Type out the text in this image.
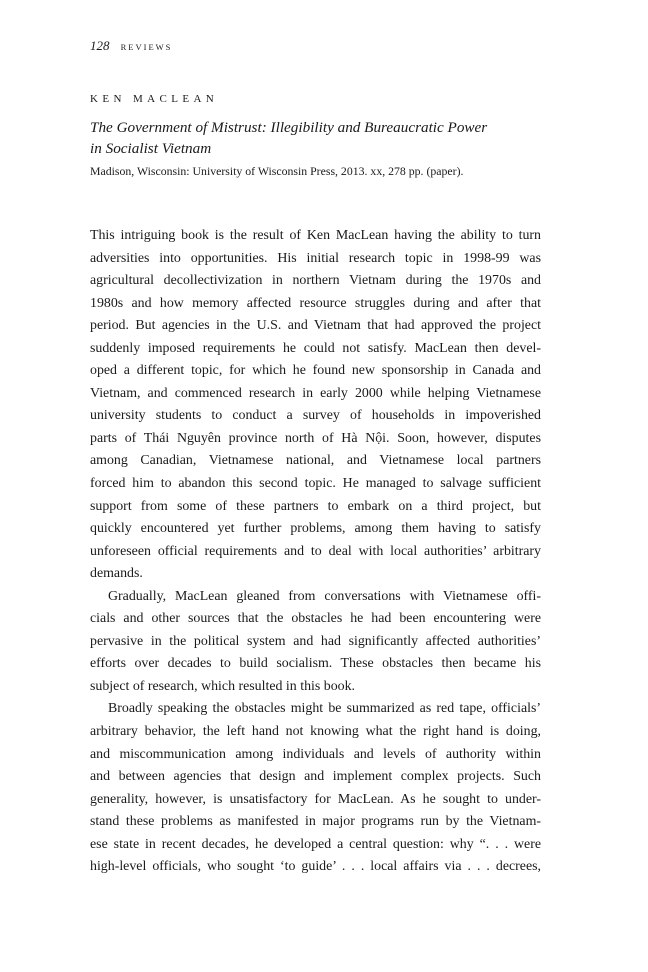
128 REVIEWS
KEN MACLEAN
The Government of Mistrust: Illegibility and Bureaucratic Power
in Socialist Vietnam
Madison, Wisconsin: University of Wisconsin Press, 2013. xx, 278 pp. (paper).
This intriguing book is the result of Ken MacLean having the ability to turn
adversities into opportunities. His initial research topic in 1998-99 was
agricultural decollectivization in northern Vietnam during the 1970s and
1980s and how memory affected resource struggles during and after that
period. But agencies in the U.S. and Vietnam that had approved the project
suddenly imposed requirements he could not satisfy. MacLean then devel-
oped a different topic, for which he found new sponsorship in Canada and
Vietnam, and commenced research in early 2000 while helping Vietnamese
university students to conduct a survey of households in impoverished
parts of Thái Nguyên province north of Hà Nội. Soon, however, disputes
among Canadian, Vietnamese national, and Vietnamese local partners
forced him to abandon this second topic. He managed to salvage sufficient
support from some of these partners to embark on a third project, but
quickly encountered yet further problems, among them having to satisfy
unforeseen official requirements and to deal with local authorities’ arbitrary
demands.
Gradually, MacLean gleaned from conversations with Vietnamese offi-
cials and other sources that the obstacles he had been encountering were
pervasive in the political system and had significantly affected authorities’
efforts over decades to build socialism. These obstacles then became his
subject of research, which resulted in this book.
Broadly speaking the obstacles might be summarized as red tape, officials’
arbitrary behavior, the left hand not knowing what the right hand is doing,
and miscommunication among individuals and levels of authority within
and between agencies that design and implement complex projects. Such
generality, however, is unsatisfactory for MacLean. As he sought to under-
stand these problems as manifested in major programs run by the Vietnam-
ese state in recent decades, he developed a central question: why “. . . were
high-level officials, who sought ‘to guide’ . . . local affairs via . . . decrees,
